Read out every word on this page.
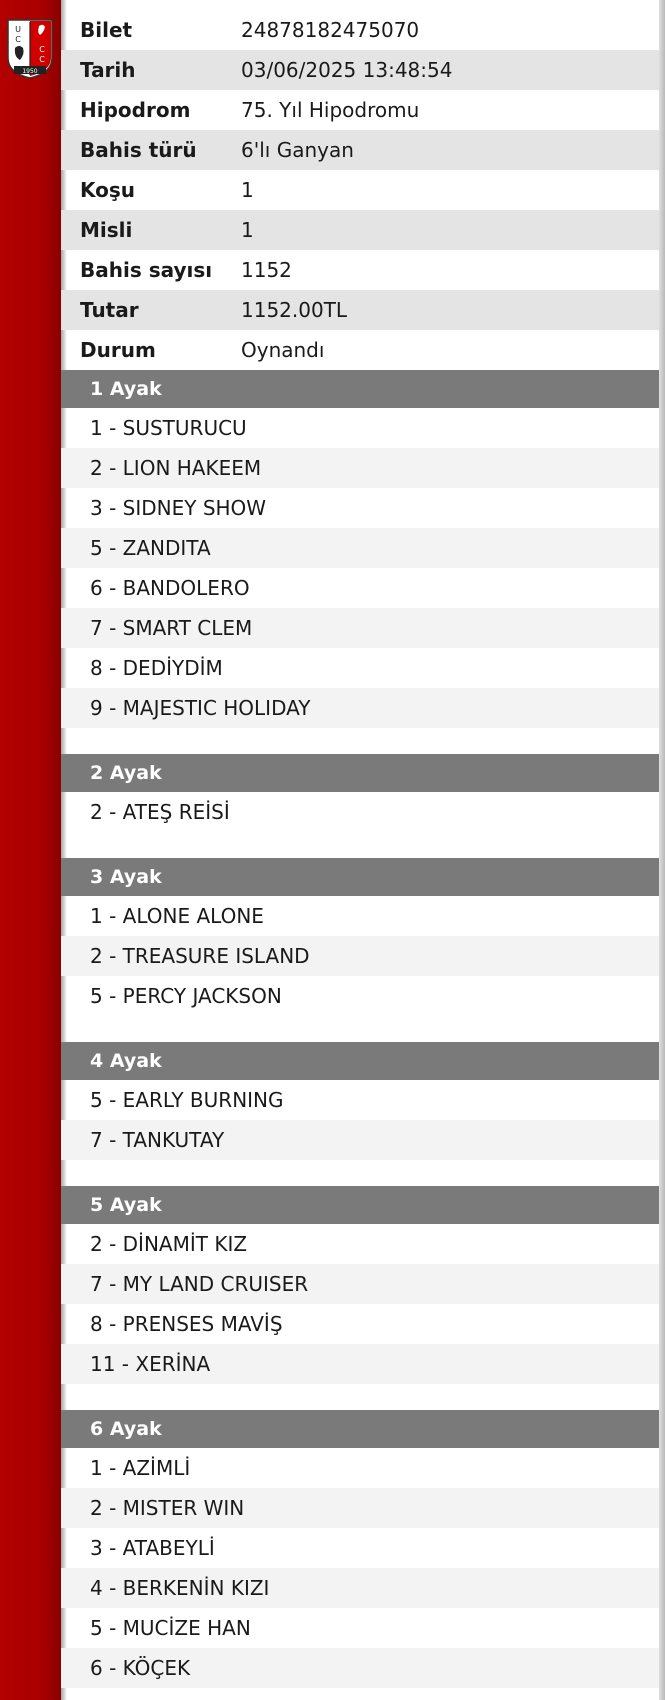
U
C
C
C
1950
Bilet	24878182475070
Tarih	03/06/2025 13:48:54
Hipodrom	75. Yıl Hipodromu
Bahis türü	6'lı Ganyan
Koşu	1
Misli	1
Bahis sayısı	1152
Tutar	1152.00TL
Durum	Oynandı
1 Ayak
1 - SUSTURUCU
2 - LION HAKEEM
3 - SIDNEY SHOW
5 - ZANDITA
6 - BANDOLERO
7 - SMART CLEM
8 - DEDİYDİM
9 - MAJESTIC HOLIDAY
2 Ayak
2 - ATEŞ REİSİ
3 Ayak
1 - ALONE ALONE
2 - TREASURE ISLAND
5 - PERCY JACKSON
4 Ayak
5 - EARLY BURNING
7 - TANKUTAY
5 Ayak
2 - DİNAMİT KIZ
7 - MY LAND CRUISER
8 - PRENSES MAVİŞ
11 - XERİNA
6 Ayak
1 - AZİMLİ
2 - MISTER WIN
3 - ATABEYLİ
4 - BERKENİN KIZI
5 - MUCİZE HAN
6 - KÖÇEK
